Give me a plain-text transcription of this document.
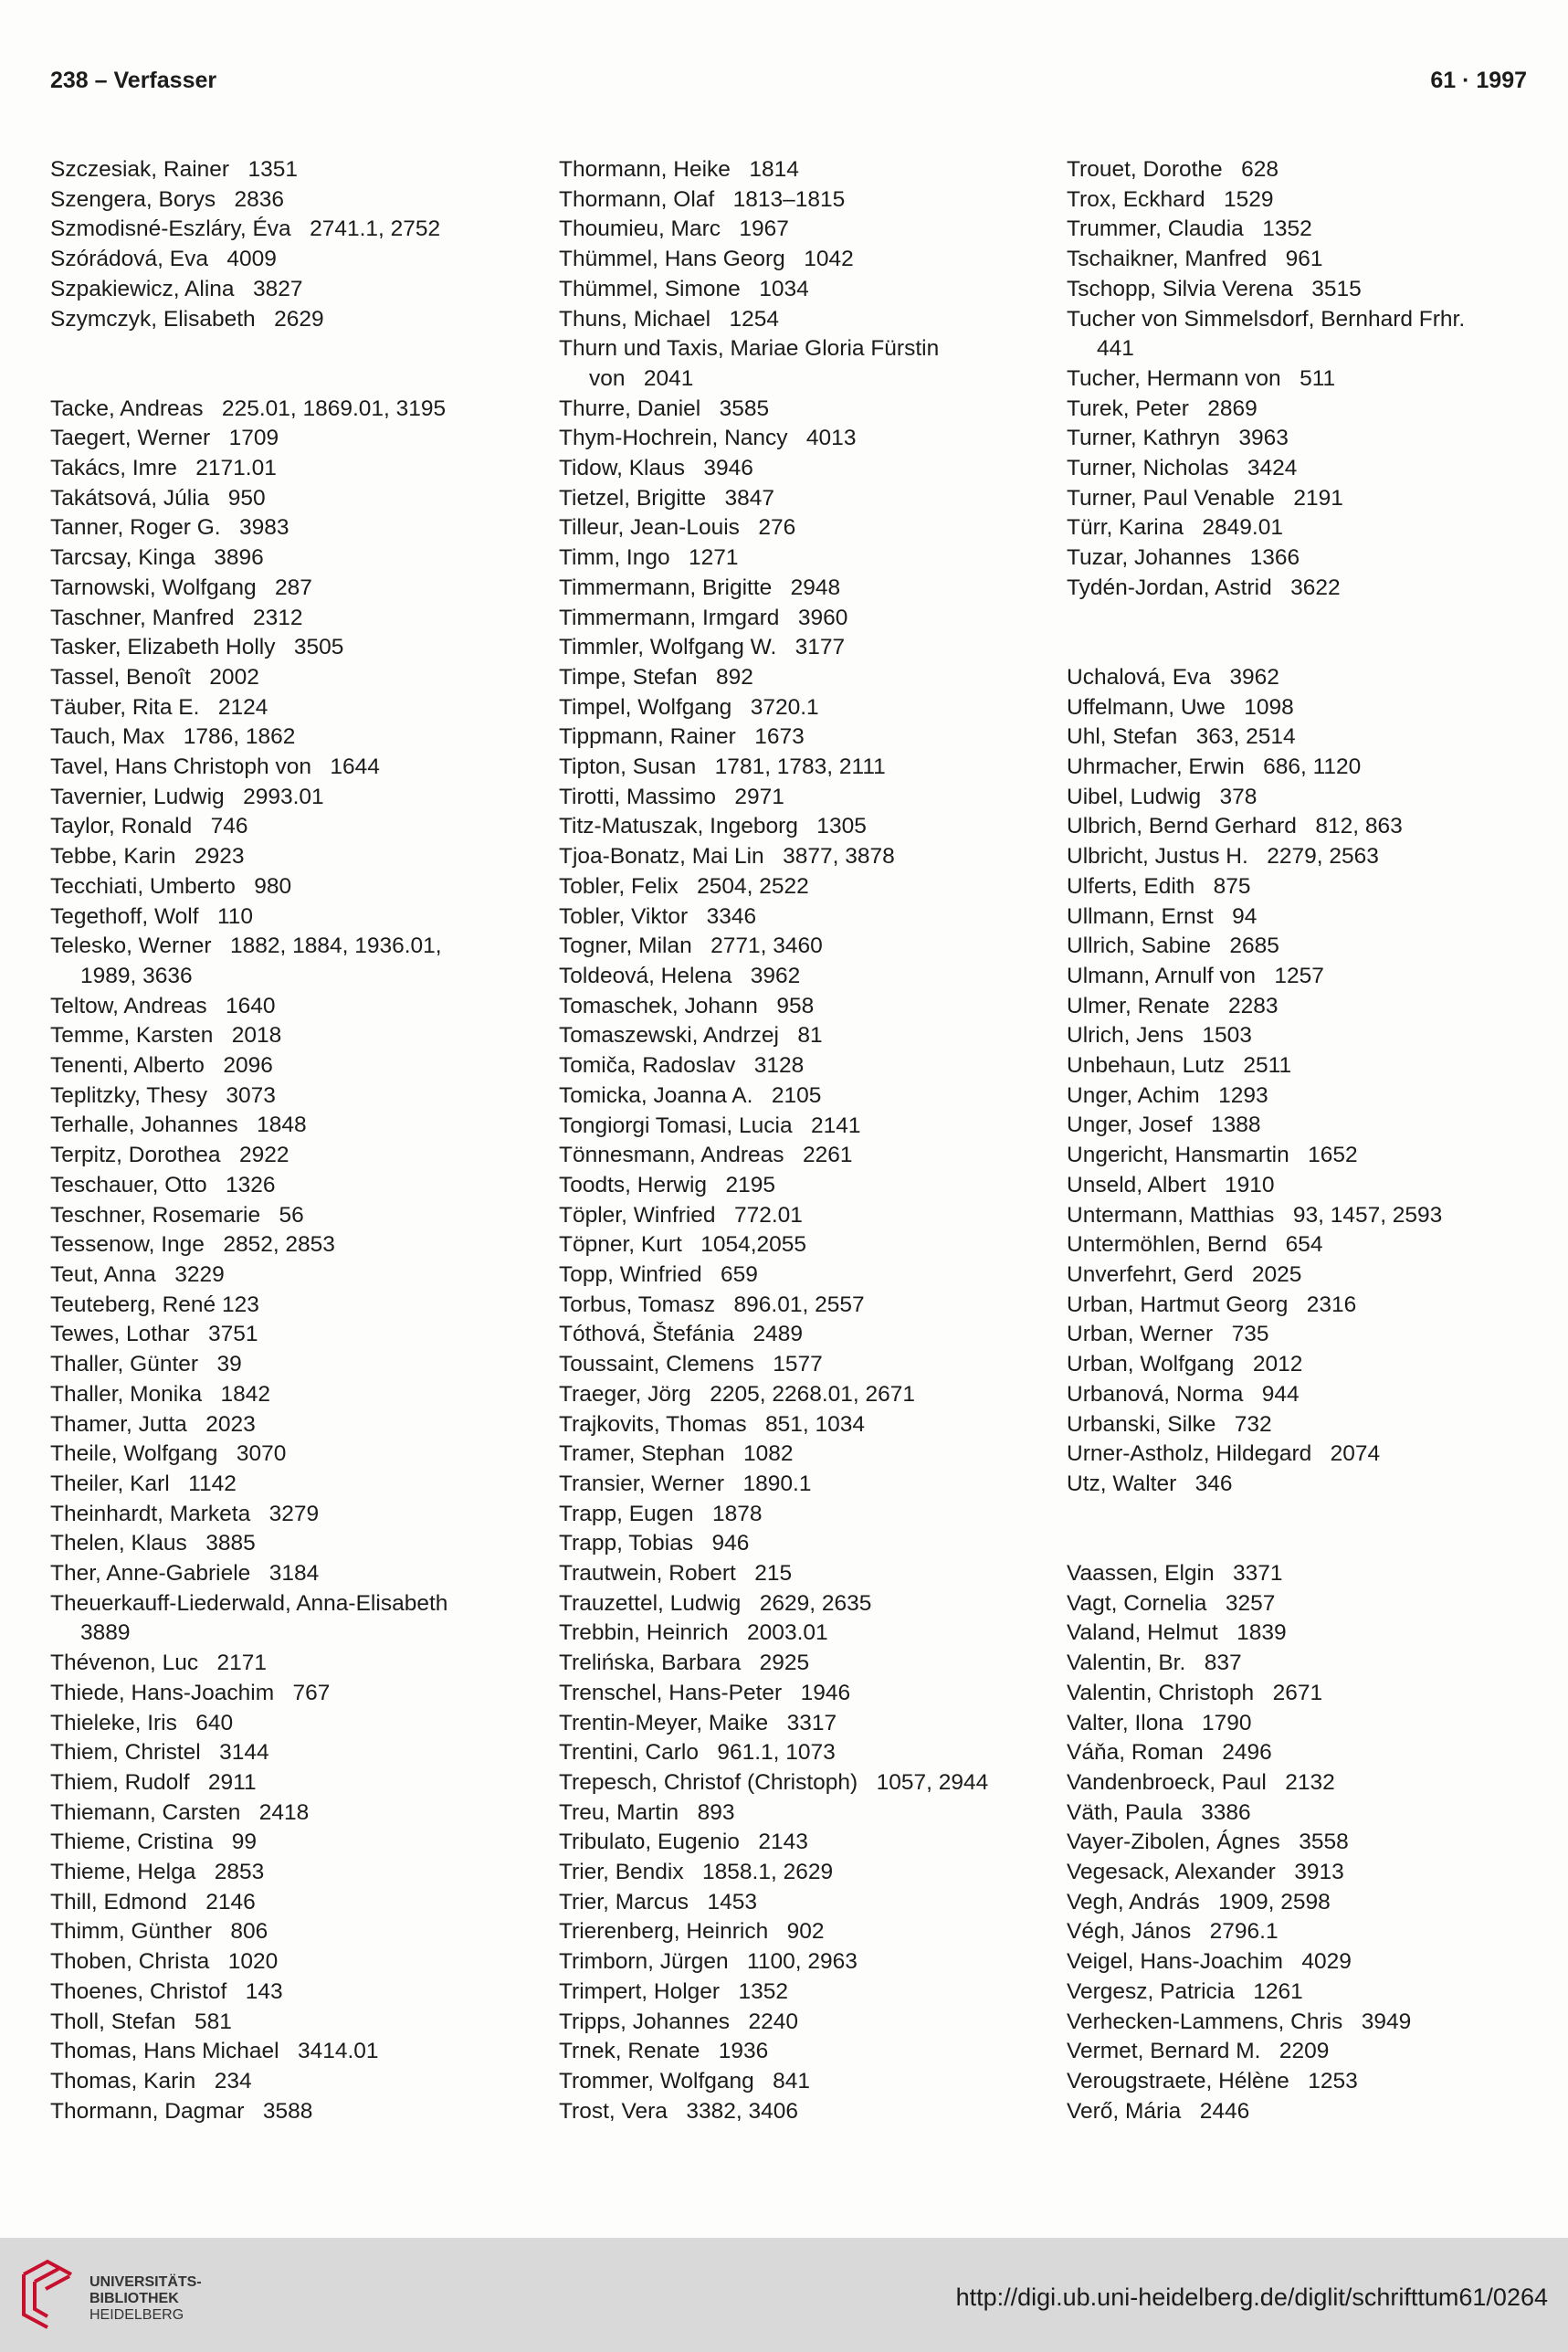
238 – Verfasser	61 · 1997
Szczesiak, Rainer   1351
Szengera, Borys   2836
Szmodisné-Eszláry, Éva   2741.1, 2752
Szórádová, Eva   4009
Szpakiewicz, Alina   3827
Szymczyk, Elisabeth   2629
Tacke, Andreas   225.01, 1869.01, 3195
Taegert, Werner   1709
Takács, Imre   2171.01
Takátsová, Júlia   950
Tanner, Roger G.   3983
Tarcsay, Kinga   3896
Tarnowski, Wolfgang   287
Taschner, Manfred   2312
Tasker, Elizabeth Holly   3505
Tassel, Benoît   2002
Täuber, Rita E.   2124
Tauch, Max   1786, 1862
Tavel, Hans Christoph von   1644
Tavernier, Ludwig   2993.01
Taylor, Ronald   746
Tebbe, Karin   2923
Tecchiati, Umberto   980
Tegethoff, Wolf   110
Telesko, Werner   1882, 1884, 1936.01,
1989, 3636
Teltow, Andreas   1640
Temme, Karsten   2018
Tenenti, Alberto   2096
Teplitzky, Thesy   3073
Terhalle, Johannes   1848
Terpitz, Dorothea   2922
Teschauer, Otto   1326
Teschner, Rosemarie   56
Tessenow, Inge   2852, 2853
Teut, Anna   3229
Teuteberg, René 123
Tewes, Lothar   3751
Thaller, Günter   39
Thaller, Monika   1842
Thamer, Jutta   2023
Theile, Wolfgang   3070
Theiler, Karl   1142
Theinhardt, Marketa   3279
Thelen, Klaus   3885
Ther, Anne-Gabriele   3184
Theuerkauff-Liederwald, Anna-Elisabeth
3889
Thévenon, Luc   2171
Thiede, Hans-Joachim   767
Thieleke, Iris   640
Thiem, Christel   3144
Thiem, Rudolf   2911
Thiemann, Carsten   2418
Thieme, Cristina   99
Thieme, Helga   2853
Thill, Edmond   2146
Thimm, Günther   806
Thoben, Christa   1020
Thoenes, Christof   143
Tholl, Stefan   581
Thomas, Hans Michael   3414.01
Thomas, Karin   234
Thormann, Dagmar   3588
Thormann, Heike   1814
Thormann, Olaf   1813–1815
Thoumieu, Marc   1967
Thümmel, Hans Georg   1042
Thümmel, Simone   1034
Thuns, Michael   1254
Thurn und Taxis, Mariae Gloria Fürstin
von   2041
Thurre, Daniel   3585
Thym-Hochrein, Nancy   4013
Tidow, Klaus   3946
Tietzel, Brigitte   3847
Tilleur, Jean-Louis   276
Timm, Ingo   1271
Timmermann, Brigitte   2948
Timmermann, Irmgard   3960
Timmler, Wolfgang W.   3177
Timpe, Stefan   892
Timpel, Wolfgang   3720.1
Tippmann, Rainer   1673
Tipton, Susan   1781, 1783, 2111
Tirotti, Massimo   2971
Titz-Matuszak, Ingeborg   1305
Tjoa-Bonatz, Mai Lin   3877, 3878
Tobler, Felix   2504, 2522
Tobler, Viktor   3346
Togner, Milan   2771, 3460
Toldeová, Helena   3962
Tomaschek, Johann   958
Tomaszewski, Andrzej   81
Tomiča, Radoslav   3128
Tomicka, Joanna A.   2105
Tongiorgi Tomasi, Lucia   2141
Tönnesmann, Andreas   2261
Toodts, Herwig   2195
Töpler, Winfried   772.01
Töpner, Kurt   1054,2055
Topp, Winfried   659
Torbus, Tomasz   896.01, 2557
Tóthová, Štefánia   2489
Toussaint, Clemens   1577
Traeger, Jörg   2205, 2268.01, 2671
Trajkovits, Thomas   851, 1034
Tramer, Stephan   1082
Transier, Werner   1890.1
Trapp, Eugen   1878
Trapp, Tobias   946
Trautwein, Robert   215
Trauzettel, Ludwig   2629, 2635
Trebbin, Heinrich   2003.01
Trelińska, Barbara   2925
Trenschel, Hans-Peter   1946
Trentin-Meyer, Maike   3317
Trentini, Carlo   961.1, 1073
Trepesch, Christof (Christoph)   1057, 2944
Treu, Martin   893
Tribulato, Eugenio   2143
Trier, Bendix   1858.1, 2629
Trier, Marcus   1453
Trierenberg, Heinrich   902
Trimborn, Jürgen   1100, 2963
Trimpert, Holger   1352
Tripps, Johannes   2240
Trnek, Renate   1936
Trommer, Wolfgang   841
Trost, Vera   3382, 3406
Trouet, Dorothe   628
Trox, Eckhard   1529
Trummer, Claudia   1352
Tschaikner, Manfred   961
Tschopp, Silvia Verena   3515
Tucher von Simmelsdorf, Bernhard Frhr.
441
Tucher, Hermann von   511
Turek, Peter   2869
Turner, Kathryn   3963
Turner, Nicholas   3424
Turner, Paul Venable   2191
Türr, Karina   2849.01
Tuzar, Johannes   1366
Tydén-Jordan, Astrid   3622
Uchalová, Eva   3962
Uffelmann, Uwe   1098
Uhl, Stefan   363, 2514
Uhrmacher, Erwin   686, 1120
Uibel, Ludwig   378
Ulbrich, Bernd Gerhard   812, 863
Ulbricht, Justus H.   2279, 2563
Ulferts, Edith   875
Ullmann, Ernst   94
Ullrich, Sabine   2685
Ulmann, Arnulf von   1257
Ulmer, Renate   2283
Ulrich, Jens   1503
Unbehaun, Lutz   2511
Unger, Achim   1293
Unger, Josef   1388
Ungericht, Hansmartin   1652
Unseld, Albert   1910
Untermann, Matthias   93, 1457, 2593
Untermöhlen, Bernd   654
Unverfehrt, Gerd   2025
Urban, Hartmut Georg   2316
Urban, Werner   735
Urban, Wolfgang   2012
Urbanová, Norma   944
Urbanski, Silke   732
Urner-Astholz, Hildegard   2074
Utz, Walter   346
Vaassen, Elgin   3371
Vagt, Cornelia   3257
Valand, Helmut   1839
Valentin, Br.   837
Valentin, Christoph   2671
Valter, Ilona   1790
Váňa, Roman   2496
Vandenbroeck, Paul   2132
Väth, Paula   3386
Vayer-Zibolen, Ágnes   3558
Vegesack, Alexander   3913
Vegh, András   1909, 2598
Végh, János   2796.1
Veigel, Hans-Joachim   4029
Vergesz, Patricia   1261
Verhecken-Lammens, Chris   3949
Vermet, Bernard M.   2209
Verougstraete, Hélène   1253
Verő, Mária   2446
UNIVERSITÄTS-
BIBLIOTHEK
HEIDELBERG
http://digi.ub.uni-heidelberg.de/diglit/schrifttum61/0264
